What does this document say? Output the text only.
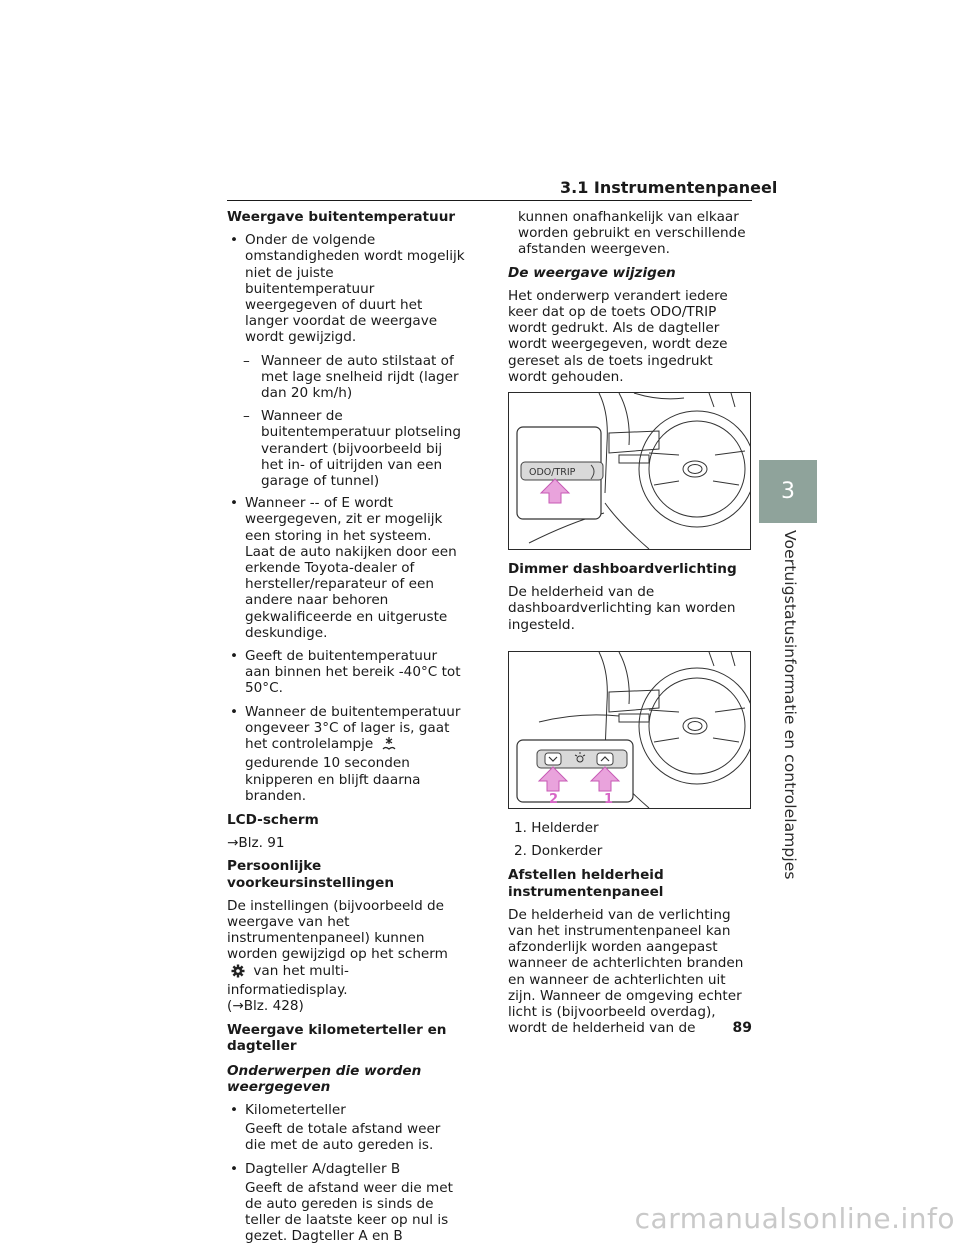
3.1 Instrumentenpaneel
3
Voertuigstatusinformatie en controlelampjes

Weergave buitentemperatuur

• Onder de volgende omstandigheden wordt mogelijk niet de juiste buitentemperatuur weergegeven of duurt het langer voordat de weergave wordt gewijzigd.

– Wanneer de auto stilstaat of met lage snelheid rijdt (lager dan 20 km/h)

– Wanneer de buitentemperatuur plotseling verandert (bijvoorbeeld bij het in- of uitrijden van een garage of tunnel)

• Wanneer -- of E wordt weergegeven, zit er mogelijk een storing in het systeem. Laat de auto nakijken door een erkende Toyota-dealer of hersteller/reparateur of een andere naar behoren gekwalificeerde en uitgeruste deskundige.

• Geeft de buitentemperatuur aan binnen het bereik -40°C tot 50°C.

• Wanneer de buitentemperatuur ongeveer 3°C of lager is, gaat het controlelampje  gedurende 10 seconden knipperen en blijft daarna branden.

LCD-scherm

→Blz. 91

Persoonlijke voorkeursinstellingen

De instellingen (bijvoorbeeld de weergave van het instrumentenpaneel) kunnen worden gewijzigd op het scherm  van het multi-informatiedisplay.
(→Blz. 428)

Weergave kilometerteller en dagteller

Onderwerpen die worden weergegeven

• Kilometerteller

Geeft de totale afstand weer die met de auto gereden is.

• Dagteller A/dagteller B

Geeft de afstand weer die met de auto gereden is sinds de teller de laatste keer op nul is gezet. Dagteller A en B

kunnen onafhankelijk van elkaar worden gebruikt en verschillende afstanden weergeven.

De weergave wijzigen

Het onderwerp verandert iedere keer dat op de toets ODO/TRIP wordt gedrukt. Als de dagteller wordt weergegeven, wordt deze gereset als de toets ingedrukt wordt gehouden.

ODO/TRIP

Dimmer dashboardverlichting

De helderheid van de dashboardverlichting kan worden ingesteld.

2	1

1. Helderder

2. Donkerder

Afstellen helderheid instrumentenpaneel

De helderheid van de verlichting van het instrumentenpaneel kan afzonderlijk worden aangepast wanneer de achterlichten branden en wanneer de achterlichten uit zijn. Wanneer de omgeving echter licht is (bijvoorbeeld overdag), wordt de helderheid van de	89
carmanualsonline.info
